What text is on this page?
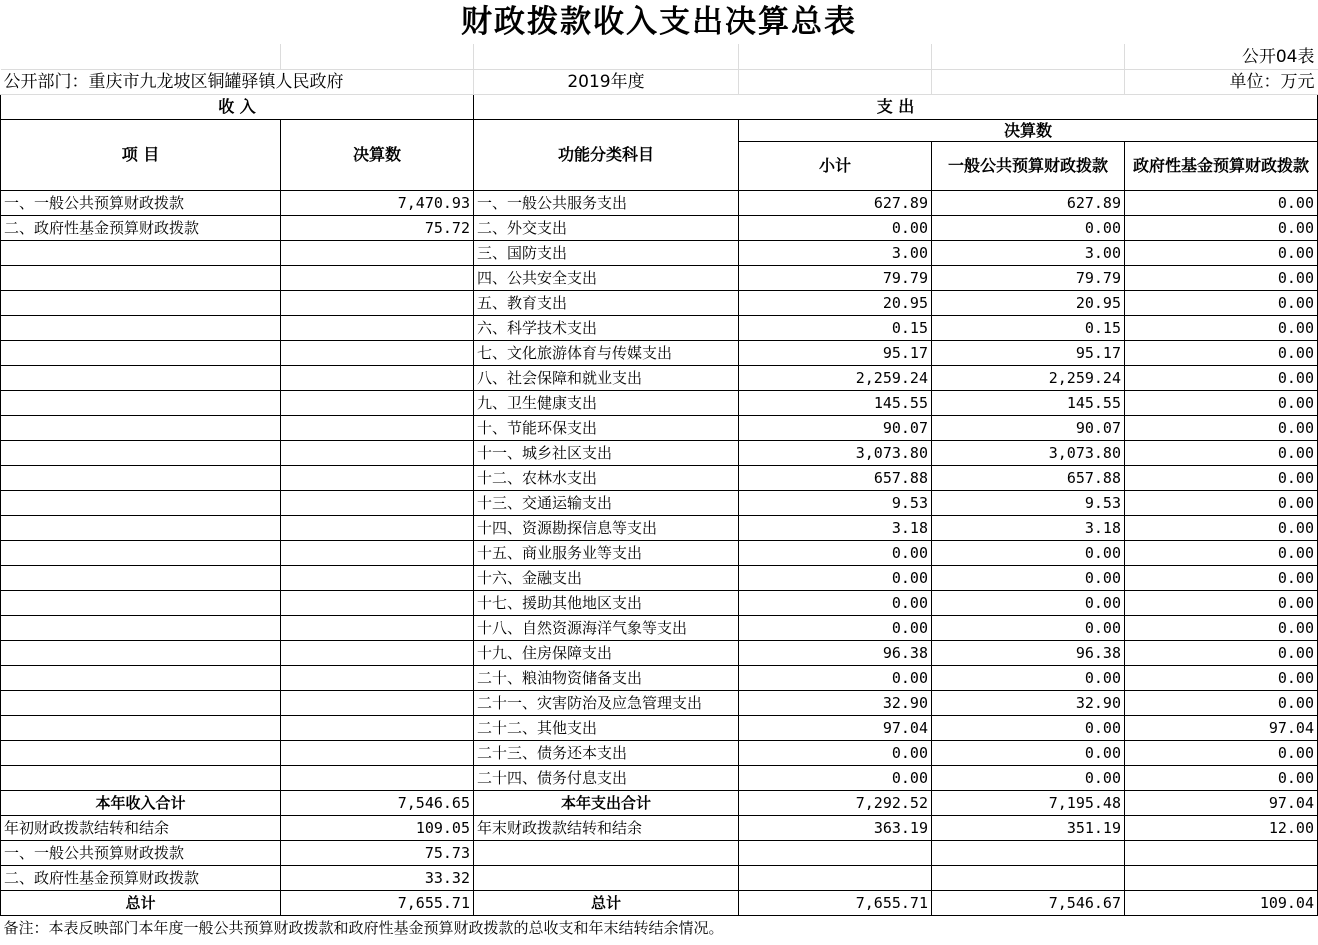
财政拨款收入支出决算总表					
					公开04表
公开部门：重庆市九龙坡区铜罐驿镇人民政府		2019年度			单位：万元
收 入		支 出			
项 目	决算数	功能分类科目	决算数		
			小计	一般公共预算财政拨款	政府性基金预算财政拨款
一、一般公共预算财政拨款	7,470.93	一、一般公共服务支出	627.89	627.89	0.00
二、政府性基金预算财政拨款	75.72	二、外交支出	0.00	0.00	0.00
		三、国防支出	3.00	3.00	0.00
		四、公共安全支出	79.79	79.79	0.00
		五、教育支出	20.95	20.95	0.00
		六、科学技术支出	0.15	0.15	0.00
		七、文化旅游体育与传媒支出	95.17	95.17	0.00
		八、社会保障和就业支出	2,259.24	2,259.24	0.00
		九、卫生健康支出	145.55	145.55	0.00
		十、节能环保支出	90.07	90.07	0.00
		十一、城乡社区支出	3,073.80	3,073.80	0.00
		十二、农林水支出	657.88	657.88	0.00
		十三、交通运输支出	9.53	9.53	0.00
		十四、资源勘探信息等支出	3.18	3.18	0.00
		十五、商业服务业等支出	0.00	0.00	0.00
		十六、金融支出	0.00	0.00	0.00
		十七、援助其他地区支出	0.00	0.00	0.00
		十八、自然资源海洋气象等支出	0.00	0.00	0.00
		十九、住房保障支出	96.38	96.38	0.00
		二十、粮油物资储备支出	0.00	0.00	0.00
		二十一、灾害防治及应急管理支出	32.90	32.90	0.00
		二十二、其他支出	97.04	0.00	97.04
		二十三、债务还本支出	0.00	0.00	0.00
		二十四、债务付息支出	0.00	0.00	0.00
本年收入合计	7,546.65	本年支出合计	7,292.52	7,195.48	97.04
年初财政拨款结转和结余	109.05	年末财政拨款结转和结余	363.19	351.19	12.00
一、一般公共预算财政拨款	75.73				
二、政府性基金预算财政拨款	33.32				
总计	7,655.71	总计	7,655.71	7,546.67	109.04
备注：本表反映部门本年度一般公共预算财政拨款和政府性基金预算财政拨款的总收支和年末结转结余情况。					
